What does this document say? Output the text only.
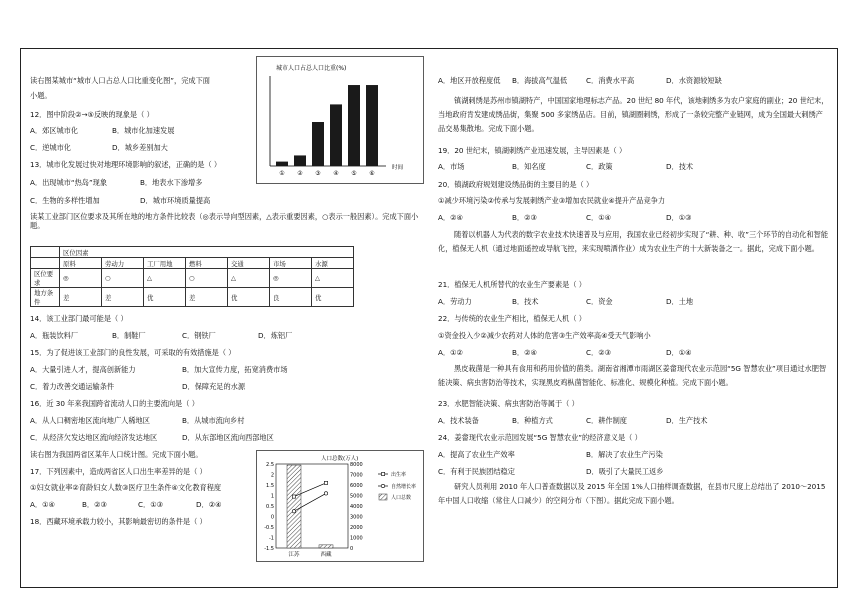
读右图某城市“城市人口占总人口比重变化图”，完成下面
小题。
12．图中阶段②→⑤反映的现象是（ ）
A．郊区城市化	B．城市化加速发展
C．逆城市化	D．城乡差别加大
13．城市化发展过快对地理环境影响的叙述，正确的是（ ）
A．出现城市“热岛”现象	B．地表水下渗增多
C．生物的多样性增加	D．城市环境质量提高
读某工业部门区位要求及其所在地的地方条件比较表（◎表示导向型因素，△表示重要因素，○表示一般因素）。完成下面小题。
	区位因素						
	原料	劳动力	工厂用地	燃料	交通	市场	水源
区位要求	◎	○	△	○	△	◎	△
地方条件	差	差	优	差	优	良	优
14．该工业部门最可能是（ ）
A．瓶装饮料厂	B．制鞋厂	C．钢铁厂	D．炼铝厂
15．为了促进该工业部门的良性发展，可采取的有效措施是（ ）
A．大量引进人才，提高创新能力	B．加大宣传力度，拓宽消费市场
C．着力改善交通运输条件	D．保障充足的水源
16．近 30 年来我国跨省流动人口的主要流向是（ ）
A．从人口稠密地区流向地广人稀地区	B．从城市流向乡村
C．从经济欠发达地区流向经济发达地区	D．从东部地区流向西部地区
读右图为我国两省区某年人口统计图。完成下面小题。
17．下列因素中，造成两省区人口出生率差异的是（ ）
①妇女就业率②育龄妇女人数③医疗卫生条件④文化教育程度
A．①④	B．②③	C．①③	D．②④
18．西藏环境承载力较小，其影响最密切的条件是（ ）
城市人口占总人口比重(%)
① ② ③ ④ ⑤ ⑥
时间
人口总数(万人)
2.5
2
1.5
1
0.5
0
-0.5
-1
-1.5
8000
7000
6000
5000
4000
3000
2000
1000
0
江苏	西藏
出生率
自然增长率
人口总数
A．地区开放程度低 B．海拔高气温低	C．消费水平高	D．水资源较短缺
镇湖刺绣是苏州市镇湖特产，中国国家地理标志产品。20 世纪 80 年代，该地刺绣多为农户家庭的副业；20 世纪末，当地政府肯发建成绣品街，集聚 500 多家绣品店。目前，镇湖圈刺绣，形成了一条较完整产业链网，成为全国最大刺绣产品交易集散地。完成下面小题。
19．20 世纪末，镇湖刺绣产业迅速发展，主导因素是（ ）
A．市场	B．知名度	C．政策	D．技术
20．镇湖政府规划建设绣品街的主要目的是（ ）
①减少环境污染②传承与发展刺绣产业③增加农民就业④提升产品竞争力
A．②④	B．②③	C．①④	D．①③
随着以机器人为代表的数字农业技术快速普及与应用，我国农业已经初步实现了“耕、种、收”三个环节的自动化和智能化，植保无人机（通过地面遥控或导航飞控，来实现喷洒作业）成为农业生产的十大新装备之一。据此，完成下面小题。
21．植保无人机所替代的农业生产要素是（ ）
A．劳动力	B．技术	C．资金	D．土地
22．与传统的农业生产相比，植保无人机（ ）
①资金投入少②减少农药对人体的危害③生产效率高④受天气影响小
A．①②	B．②④	C．②③	D．①④
黑皮栽菌是一种具有食用和药用价值的菌类。湖南省湘潭市雨湖区姜畲现代农业示范园“5G 智慧农业”项目通过水肥智能决策、病虫害防治等技术，实现黑皮鸡枞菌智能化、标准化、规模化种植。完成下面小题。
23．水肥智能决策、病虫害防治等属于（ ）
A．技术装备	B．种植方式	C．耕作制度	D．生产技术
24．姜畲现代农业示范园发展“5G 智慧农业”的经济意义是（ ）
A．提高了农业生产效率	B．解决了农业生产污染
C．有利于民族团结稳定	D．吸引了大量民工返乡
研究人员利用 2010 年人口普查数据以及 2015 年全国 1%人口抽样调查数据，在县市尺度上总结出了 2010～2015 年中国人口收缩（常住人口减少）的空间分布（下图）。据此完成下面小题。
